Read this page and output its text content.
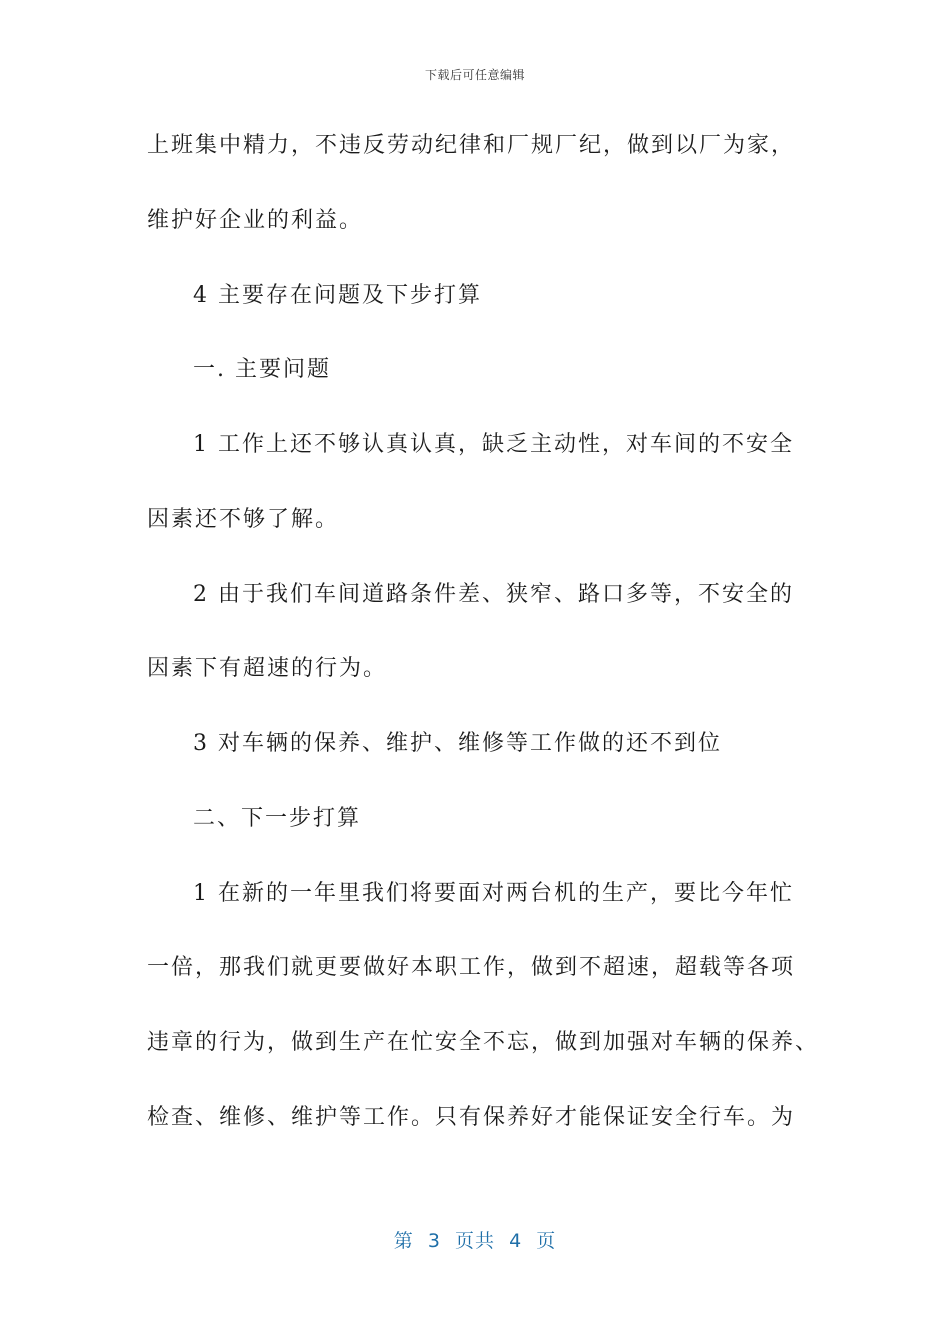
下载后可任意编辑
上班集中精力，不违反劳动纪律和厂规厂纪，做到以厂为家，
维护好企业的利益。
4 主要存在问题及下步打算
一. 主要问题
1 工作上还不够认真认真，缺乏主动性，对车间的不安全
因素还不够了解。
2 由于我们车间道路条件差、狭窄、路口多等，不安全的
因素下有超速的行为。
3 对车辆的保养、维护、维修等工作做的还不到位
二、下一步打算
1 在新的一年里我们将要面对两台机的生产，要比今年忙
一倍，那我们就更要做好本职工作，做到不超速，超载等各项
违章的行为，做到生产在忙安全不忘，做到加强对车辆的保养、
检查、维修、维护等工作。只有保养好才能保证安全行车。为
第  3  页共  4  页
